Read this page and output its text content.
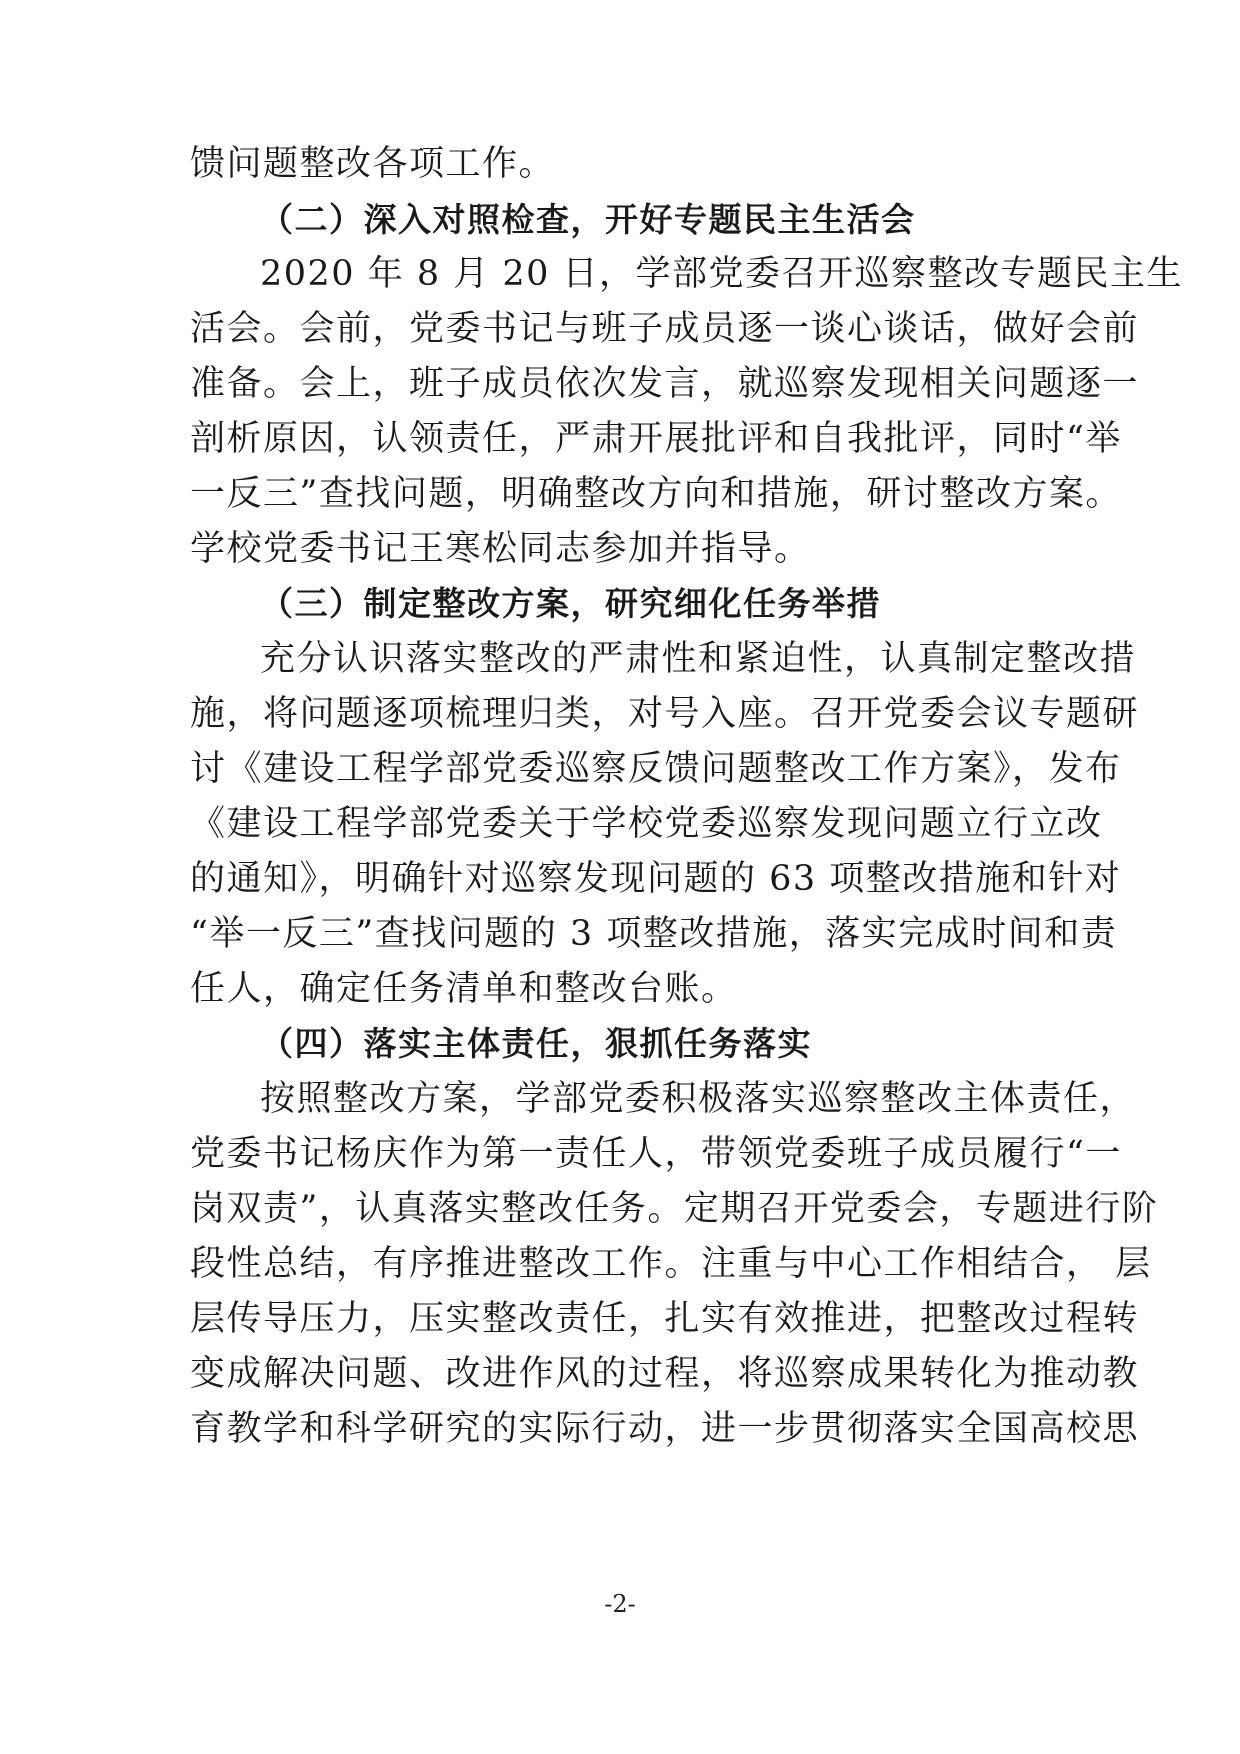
馈问题整改各项工作。
（二）深入对照检查，开好专题民主生活会
2020 年 8 月 20 日，学部党委召开巡察整改专题民主生
活会。会前，党委书记与班子成员逐一谈心谈话，做好会前
准备。会上，班子成员依次发言，就巡察发现相关问题逐一
剖析原因，认领责任，严肃开展批评和自我批评，同时“举
一反三”查找问题，明确整改方向和措施，研讨整改方案。
学校党委书记王寒松同志参加并指导。
（三）制定整改方案，研究细化任务举措
充分认识落实整改的严肃性和紧迫性，认真制定整改措
施，将问题逐项梳理归类，对号入座。召开党委会议专题研
讨《建设工程学部党委巡察反馈问题整改工作方案》，发布
《建设工程学部党委关于学校党委巡察发现问题立行立改
的通知》，明确针对巡察发现问题的 63 项整改措施和针对
“举一反三”查找问题的 3 项整改措施，落实完成时间和责
任人，确定任务清单和整改台账。
（四）落实主体责任，狠抓任务落实
按照整改方案，学部党委积极落实巡察整改主体责任，
党委书记杨庆作为第一责任人，带领党委班子成员履行“一
岗双责”，认真落实整改任务。定期召开党委会，专题进行阶
段性总结，有序推进整改工作。注重与中心工作相结合， 层
层传导压力，压实整改责任，扎实有效推进，把整改过程转
变成解决问题、改进作风的过程，将巡察成果转化为推动教
育教学和科学研究的实际行动，进一步贯彻落实全国高校思
-2-
